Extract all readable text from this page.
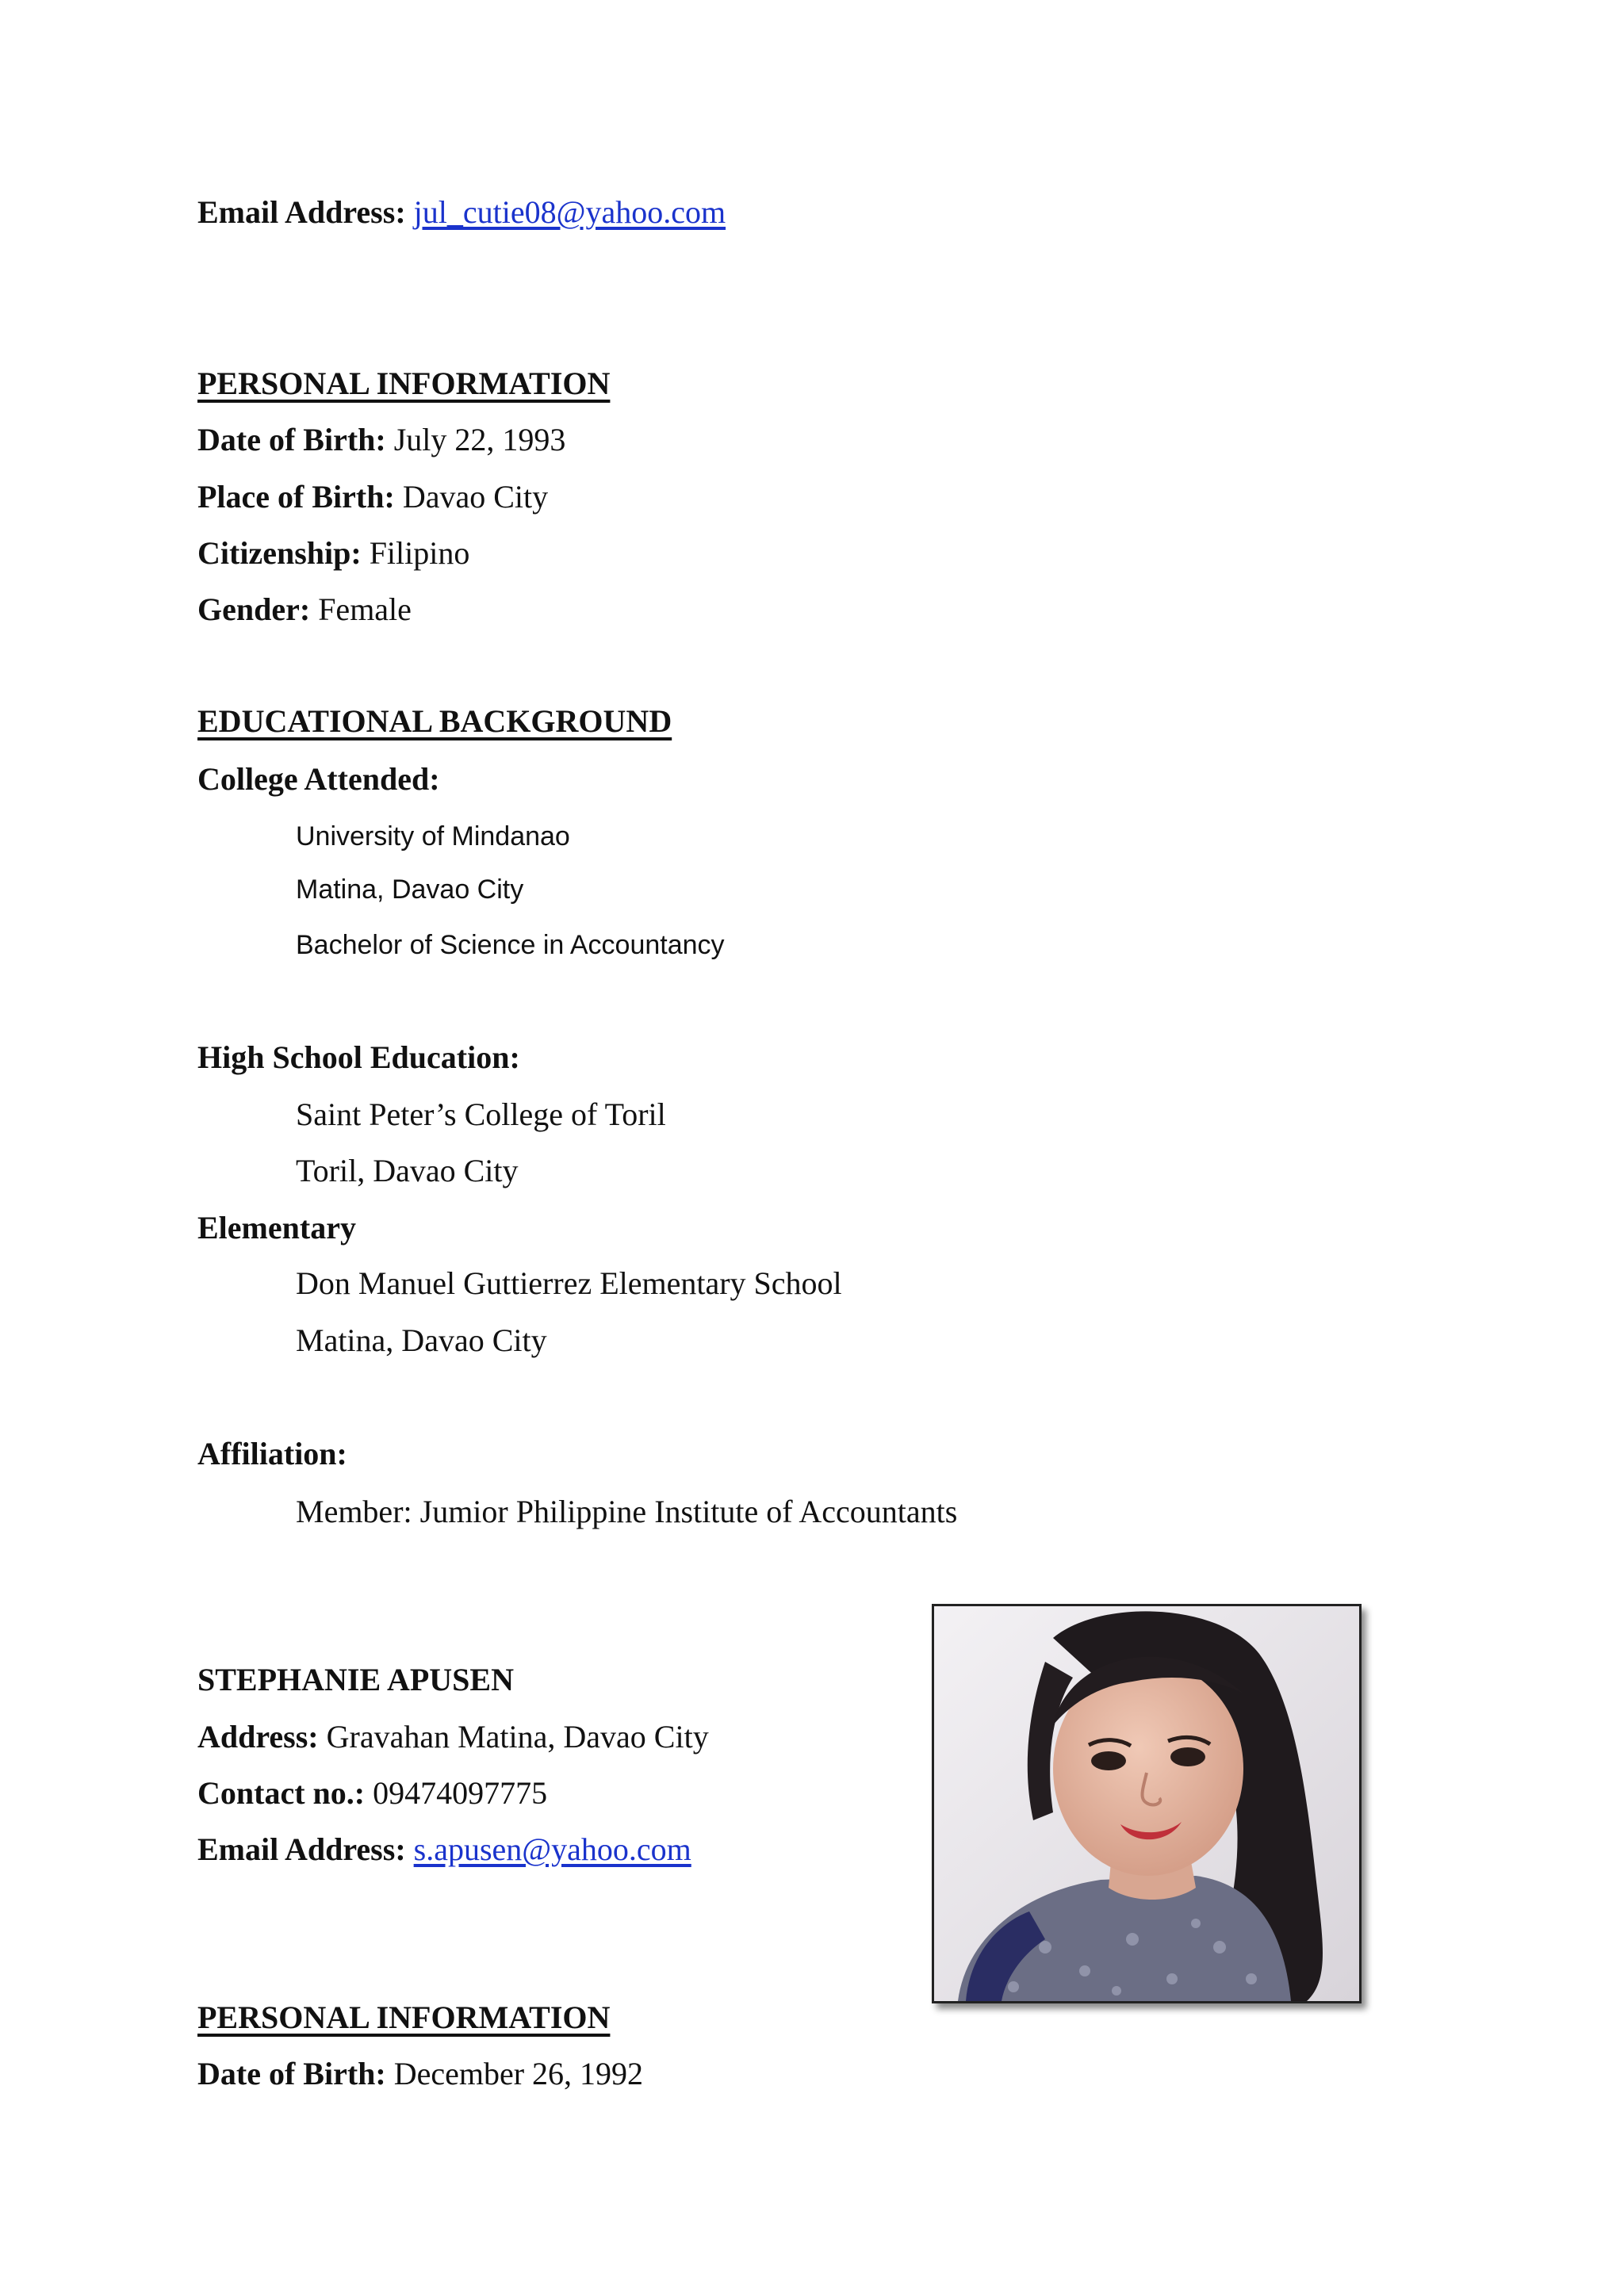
Email Address: jul_cutie08@yahoo.com
PERSONAL INFORMATION
Date of Birth: July 22, 1993
Place of Birth: Davao City
Citizenship: Filipino
Gender: Female
EDUCATIONAL BACKGROUND
College Attended:
University of Mindanao
Matina, Davao City
Bachelor of Science in Accountancy
High School Education:
Saint Peter’s College of Toril
Toril, Davao City
Elementary
Don Manuel Guttierrez Elementary School
Matina, Davao City
Affiliation:
Member: Jumior Philippine Institute of Accountants
STEPHANIE APUSEN
Address: Gravahan Matina, Davao City
Contact no.: 09474097775
Email Address: s.apusen@yahoo.com
PERSONAL INFORMATION
Date of Birth: December 26, 1992
